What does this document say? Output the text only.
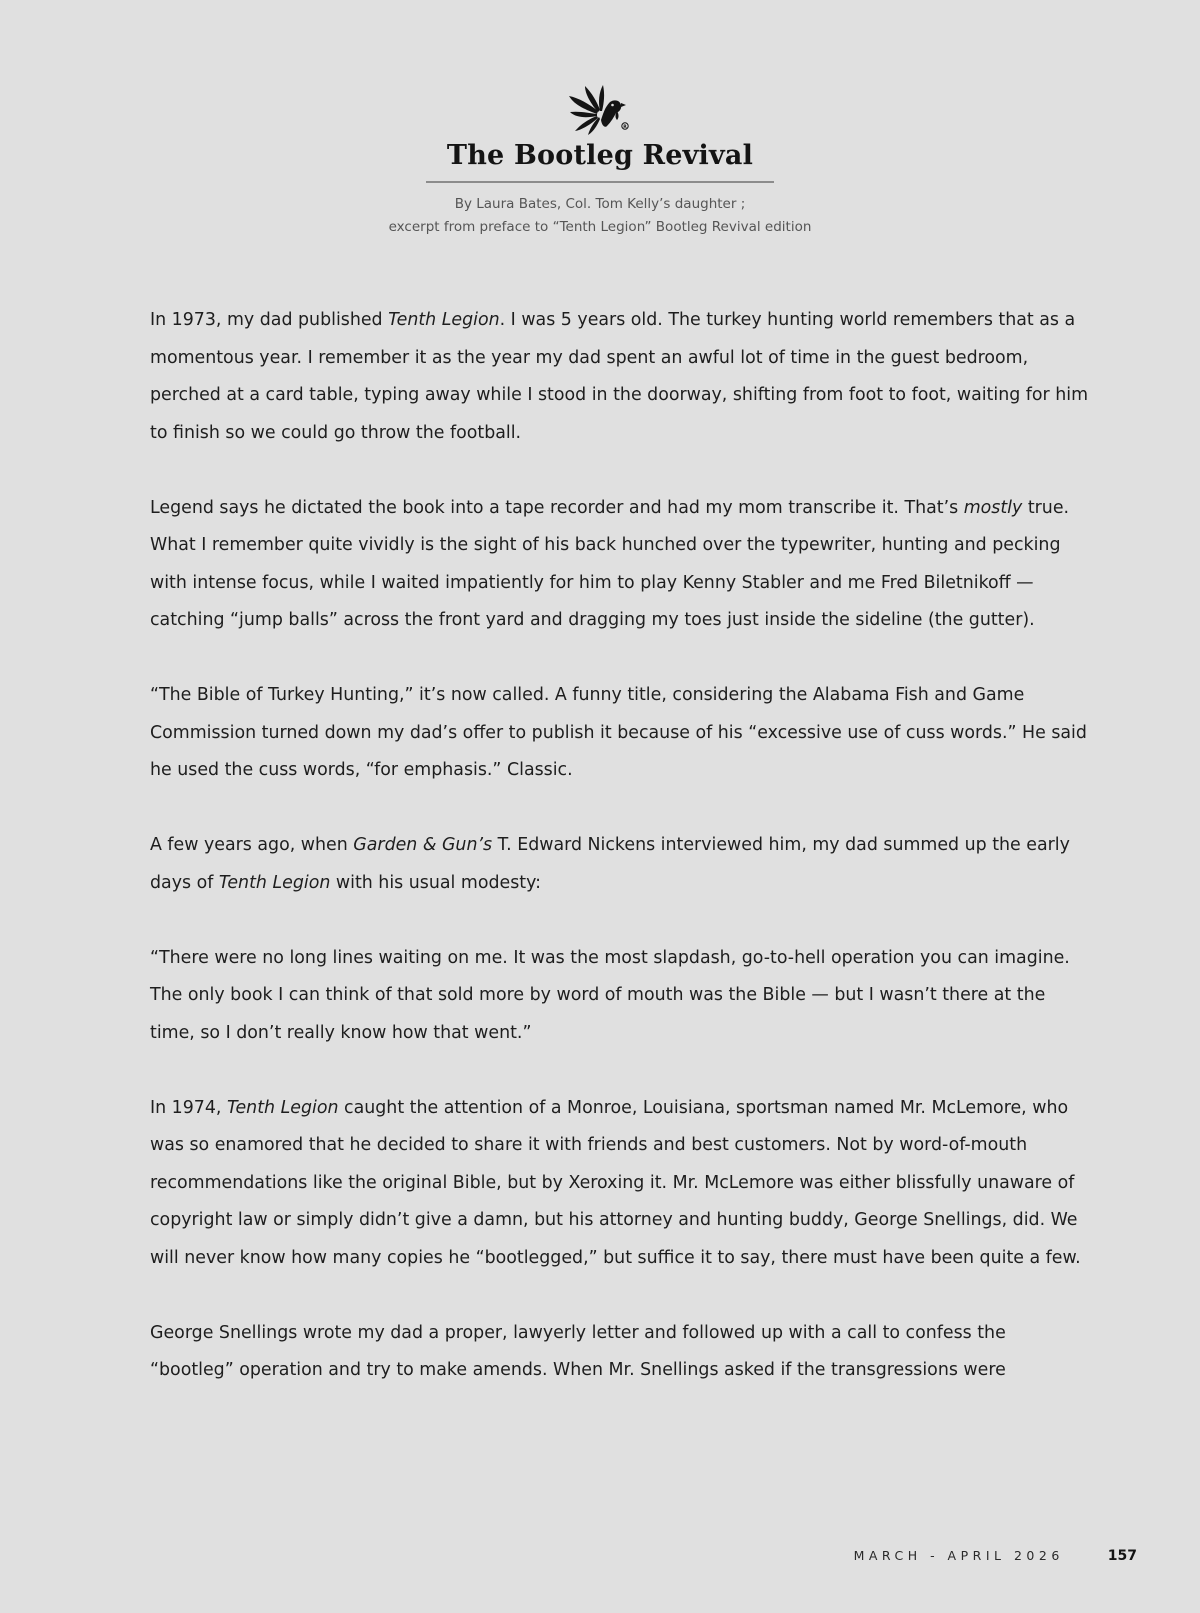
R
The Bootleg Revival
By Laura Bates, Col. Tom Kelly’s daughter ;
excerpt from preface to “Tenth Legion” Bootleg Revival edition

In 1973, my dad published Tenth Legion. I was 5 years old. The turkey hunting world remembers that as a momentous year. I remember it as the year my dad spent an awful lot of time in the guest bedroom, perched at a card table, typing away while I stood in the doorway, shifting from foot to foot, waiting for him to finish so we could go throw the football.

Legend says he dictated the book into a tape recorder and had my mom transcribe it. That’s mostly true. What I remember quite vividly is the sight of his back hunched over the typewriter, hunting and pecking with intense focus, while I waited impatiently for him to play Kenny Stabler and me Fred Biletnikoff — catching “jump balls” across the front yard and dragging my toes just inside the sideline (the gutter).

“The Bible of Turkey Hunting,” it’s now called. A funny title, considering the Alabama Fish and Game Commission turned down my dad’s offer to publish it because of his “excessive use of cuss words.” He said he used the cuss words, “for emphasis.” Classic.

A few years ago, when Garden & Gun’s T. Edward Nickens interviewed him, my dad summed up the early days of Tenth Legion with his usual modesty:

“There were no long lines waiting on me. It was the most slapdash, go-to-hell operation you can imagine. The only book I can think of that sold more by word of mouth was the Bible — but I wasn’t there at the time, so I don’t really know how that went.”

In 1974, Tenth Legion caught the attention of a Monroe, Louisiana, sportsman named Mr. McLemore, who was so enamored that he decided to share it with friends and best customers. Not by word-of-mouth recommendations like the original Bible, but by Xeroxing it. Mr. McLemore was either blissfully unaware of copyright law or simply didn’t give a damn, but his attorney and hunting buddy, George Snellings, did. We will never know how many copies he “bootlegged,” but suffice it to say, there must have been quite a few.

George Snellings wrote my dad a proper, lawyerly letter and followed up with a call to confess the “bootleg” operation and try to make amends. When Mr. Snellings asked if the transgressions were

MARCH - APRIL 2026	157
